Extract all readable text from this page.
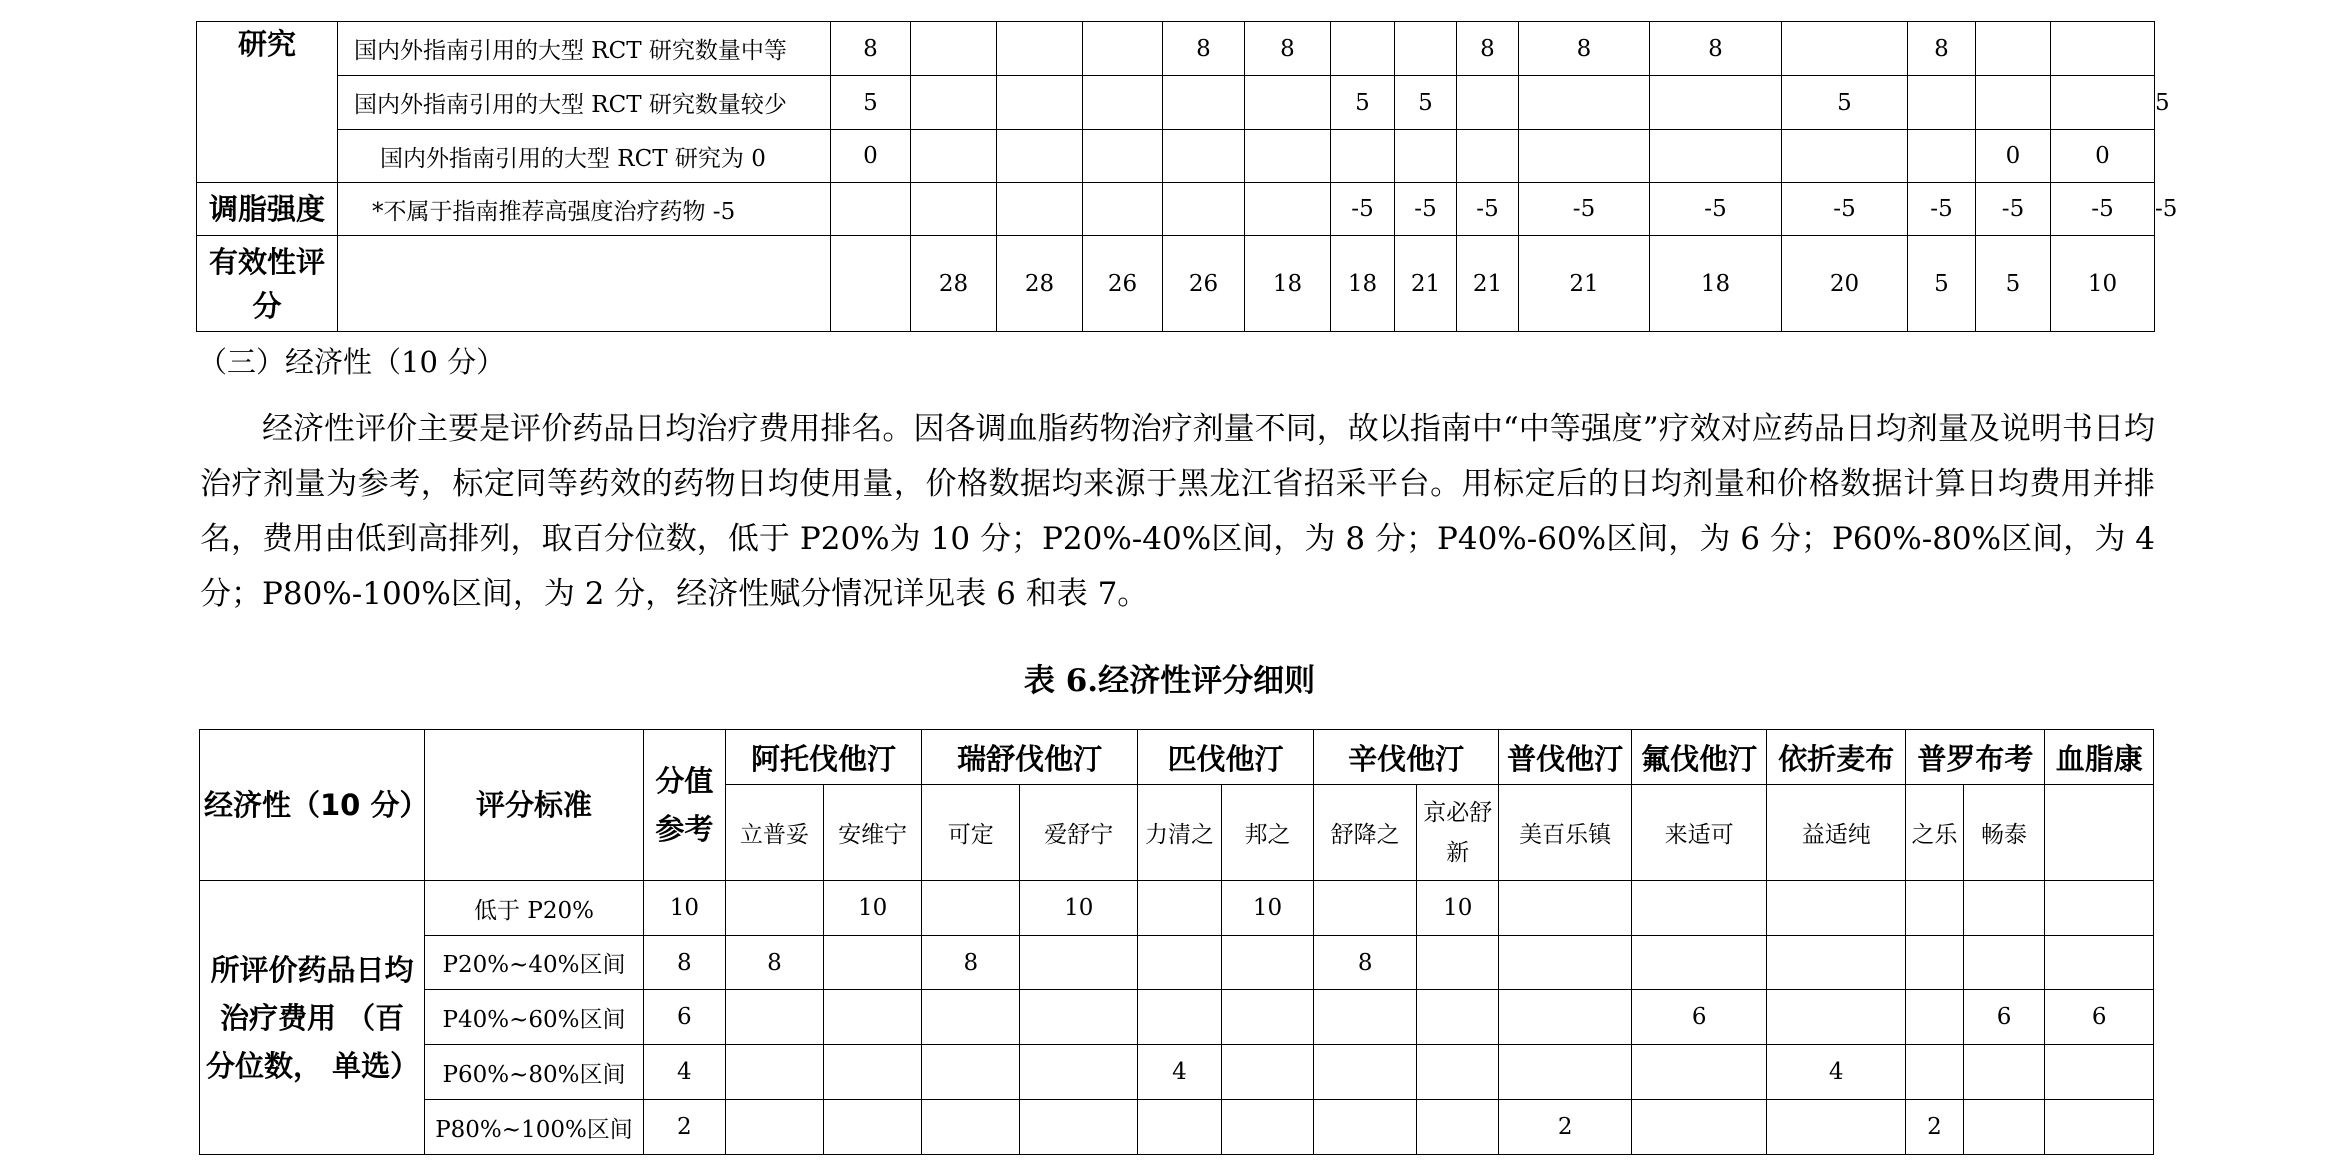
研究	国内外指南引用的大型 RCT 研究数量中等	8				8	8			8	8	8		8			
	国内外指南引用的大型 RCT 研究数量较少	5						5	5				5				5
	国内外指南引用的大型 RCT 研究为 0	0													0	0	
调脂强度	*不属于指南推荐高强度治疗药物 -5							-5	-5	-5	-5	-5	-5	-5	-5	-5	-5
有效性评分			28	28	26	26	18	18	21	21	21	18	20	5	5	10	
（三）经济性（10 分）

经济性评价主要是评价药品日均治疗费用排名。因各调血脂药物治疗剂量不同，故以指南中“中等强度”疗效对应药品日均剂量及说明书日均治疗剂量为参考，标定同等药效的药物日均使用量，价格数据均来源于黑龙江省招采平台。用标定后的日均剂量和价格数据计算日均费用并排名，费用由低到高排列，取百分位数，低于 P20%为 10 分；P20%-40%区间，为 8 分；P40%-60%区间，为 6 分；P60%-80%区间，为 4 分；P80%-100%区间，为 2 分，经济性赋分情况详见表 6 和表 7。

表 6.经济性评分细则
经济性（10 分）	评分标准	分值参考	阿托伐他汀		瑞舒伐他汀		匹伐他汀		辛伐他汀		普伐他汀	氟伐他汀	依折麦布	普罗布考		血脂康
			立普妥	安维宁	可定	爱舒宁	力清之	邦之	舒降之	京必舒新	美百乐镇	来适可	益适纯	之乐	畅泰	
所评价药品日均治疗费用 （百分位数， 单选）	低于 P20%	10		10		10		10		10						
	P20%~40%区间	8	8		8				8							
	P40%~60%区间	6										6			6	6
	P60%~80%区间	4					4						4			
	P80%~100%区间	2									2			2		
